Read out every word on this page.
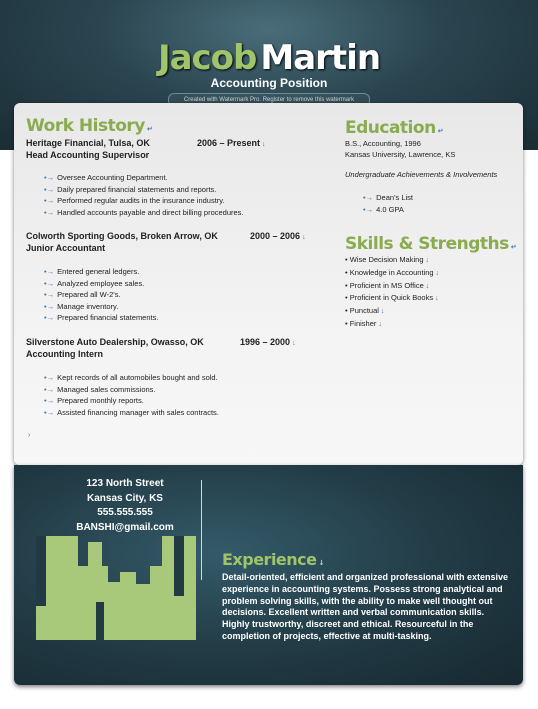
Jacob Martin
Accounting Position
Created with Watermark Pro. Register to remove this watermark
Work History ↵
Heritage Financial, Tulsa, OK	2006 – Present ↓
Head Accounting Supervisor
•→ Oversee Accounting Department.
•→ Daily prepared financial statements and reports.
•→ Performed regular audits in the insurance industry.
•→ Handled accounts payable and direct billing procedures.
Colworth Sporting Goods, Broken Arrow, OK	2000 – 2006 ↓
Junior Accountant
•→ Entered general ledgers.
•→ Analyzed employee sales.
•→ Prepared all W-2's.
•→ Manage inventory.
•→ Prepared financial statements.
Silverstone Auto Dealership, Owasso, OK	1996 – 2000 ↓
Accounting Intern
•→ Kept records of all automobiles bought and sold.
•→ Managed sales commissions.
•→ Prepared monthly reports.
•→ Assisted financing manager with sales contracts.
›
Education ↵
B.S., Accounting, 1996
Kansas University, Lawrence, KS
Undergraduate Achievements & Involvements
•→ Dean's List
•→ 4.0 GPA
Skills & Strengths ↵
• Wise Decision Making ↓
• Knowledge in Accounting ↓
• Proficient in MS Office ↓
• Proficient in Quick Books ↓
• Punctual ↓
• Finisher ↓
123 North Street
Kansas City, KS
555.555.555
BANSHI@gmail.com
Experience ↓
Detail-oriented, efficient and organized professional with extensive experience in accounting systems. Possess strong analytical and problem solving skills, with the ability to make well thought out decisions. Excellent written and verbal communication skills. Highly trustworthy, discreet and ethical. Resourceful in the completion of projects, effective at multi-tasking.
